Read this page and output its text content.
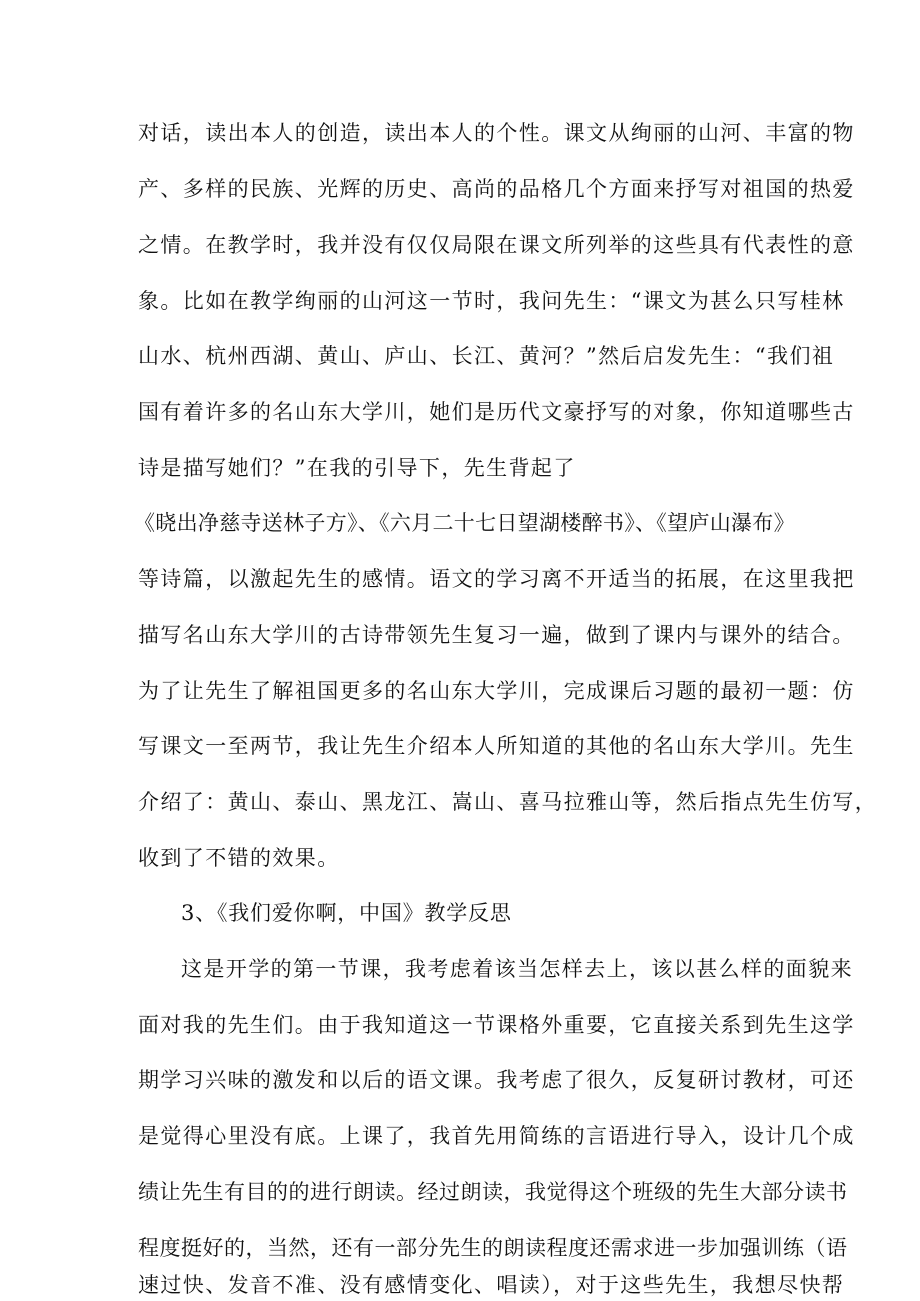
对话，读出本人的创造，读出本人的个性。课文从绚丽的山河、丰富的物
产、多样的民族、光辉的历史、高尚的品格几个方面来抒写对祖国的热爱
之情。在教学时，我并没有仅仅局限在课文所列举的这些具有代表性的意
象。比如在教学绚丽的山河这一节时，我问先生：“课文为甚么只写桂林
山水、杭州西湖、黄山、庐山、长江、黄河？”然后启发先生：“我们祖
国有着许多的名山东大学川，她们是历代文豪抒写的对象，你知道哪些古
诗是描写她们？”在我的引导下，先生背起了
《晓出净慈寺送林子方》、《六月二十七日望湖楼醉书》、《望庐山瀑布》
等诗篇，以激起先生的感情。语文的学习离不开适当的拓展，在这里我把
描写名山东大学川的古诗带领先生复习一遍，做到了课内与课外的结合。
为了让先生了解祖国更多的名山东大学川，完成课后习题的最初一题：仿
写课文一至两节，我让先生介绍本人所知道的其他的名山东大学川。先生
介绍了：黄山、泰山、黑龙江、嵩山、喜马拉雅山等，然后指点先生仿写，
收到了不错的效果。
3、《我们爱你啊，中国》教学反思
这是开学的第一节课，我考虑着该当怎样去上，该以甚么样的面貌来
面对我的先生们。由于我知道这一节课格外重要，它直接关系到先生这学
期学习兴味的激发和以后的语文课。我考虑了很久，反复研讨教材，可还
是觉得心里没有底。上课了，我首先用简练的言语进行导入，设计几个成
绩让先生有目的的进行朗读。经过朗读，我觉得这个班级的先生大部分读书
程度挺好的，当然，还有一部分先生的朗读程度还需求进一步加强训练（语
速过快、发音不准、没有感情变化、唱读），对于这些先生，我想尽快帮
